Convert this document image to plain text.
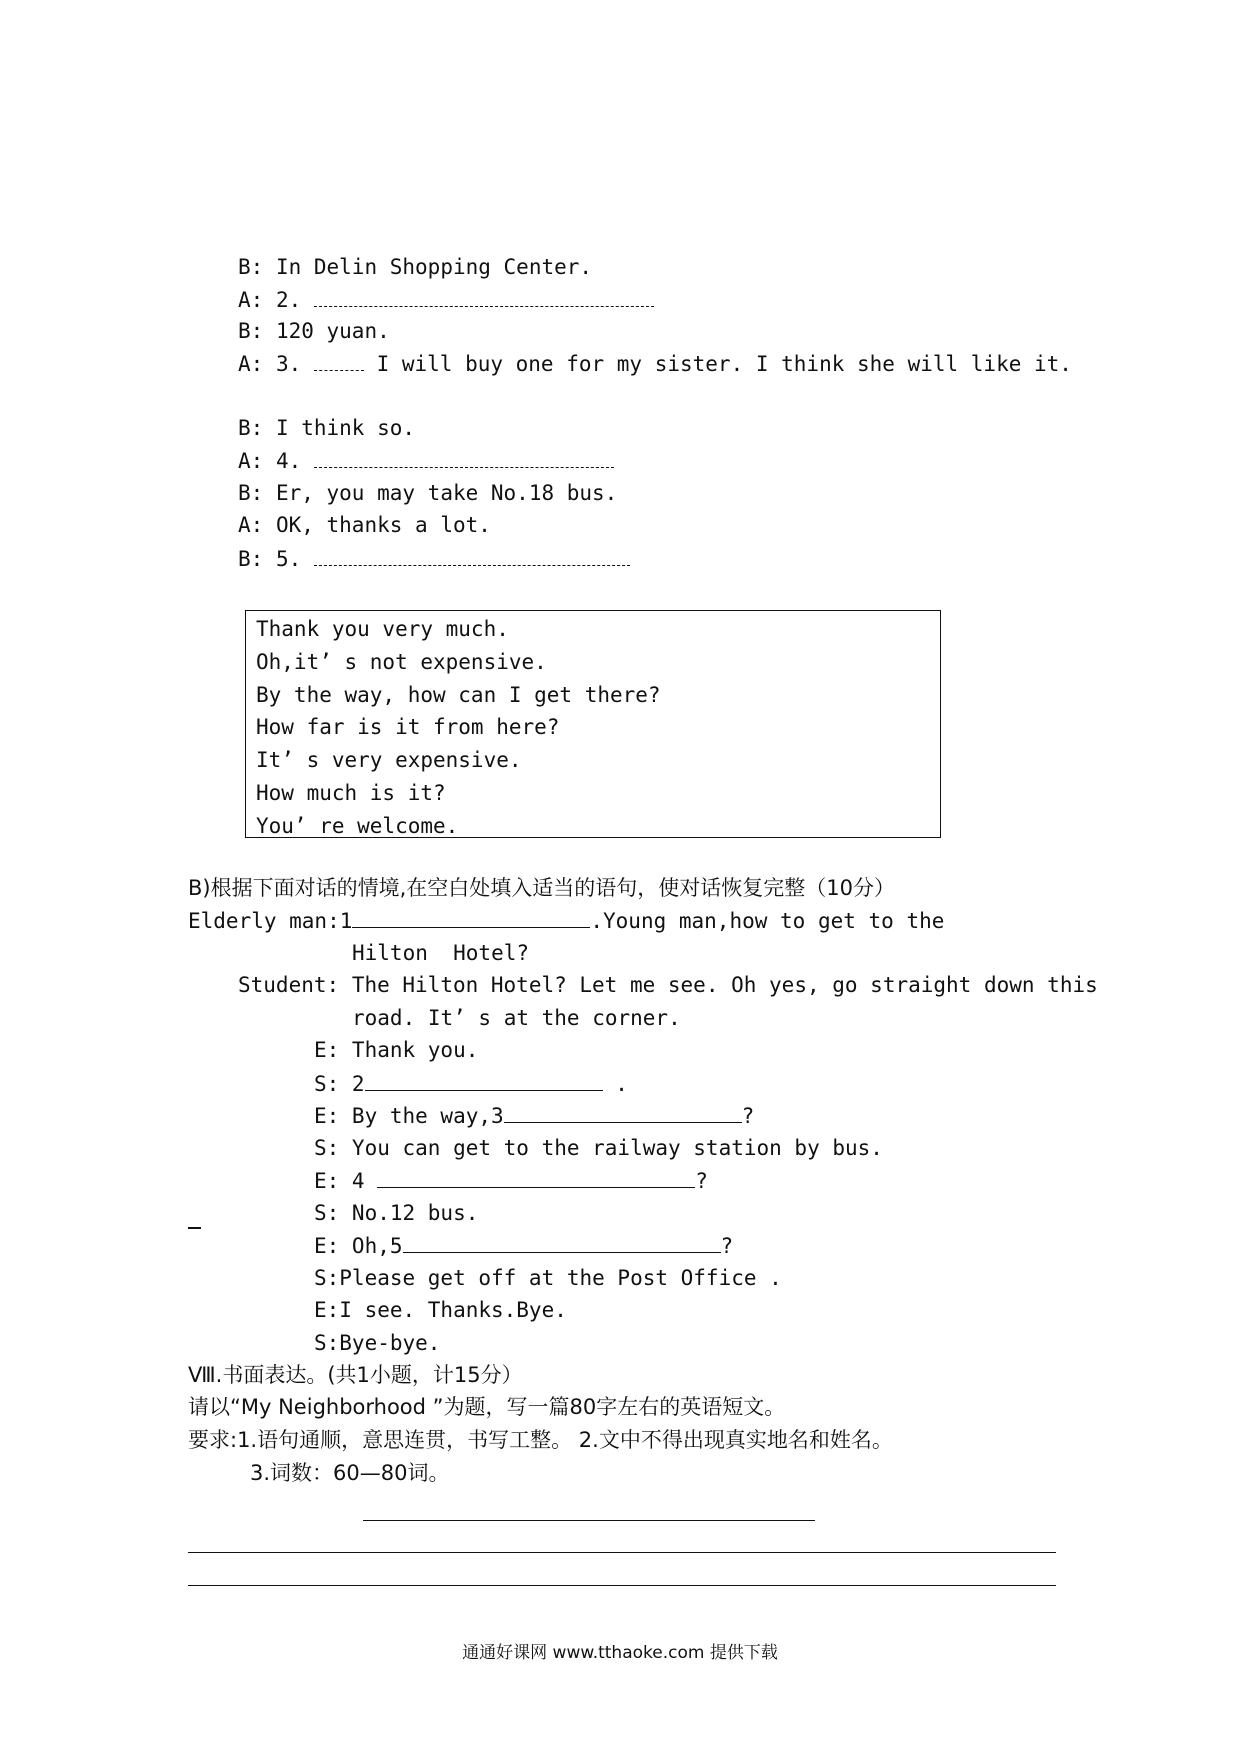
B: In Delin Shopping Center.
A: 2.
B: 120 yuan.
A: 3.	I will buy one for my sister. I think she will like it.
B: I think so.
A: 4.
B: Er, you may take No.18 bus.
A: OK, thanks a lot.
B: 5.
Thank you very much.
Oh,it’ s not expensive.
By the way, how can I get there?
How far is it from here?
It’ s very expensive.
How much is it?
You’ re welcome.
B)根据下面对话的情境,在空白处填入适当的语句，使对话恢复完整（10分）
Elderly man:1	.Young man,how to get to the
Hilton  Hotel?
Student: The Hilton Hotel? Let me see. Oh yes, go straight down this
road. It’ s at the corner.
E: Thank you.
S: 2	.
E: By the way,3	?
S: You can get to the railway station by bus.
E: 4	?
S: No.12 bus.
E: Oh,5	?
S:Please get off at the Post Office .
E:I see. Thanks.Bye.
S:Bye-bye.
Ⅷ.书面表达。(共1小题，计15分）
请以“My Neighborhood ”为题，写一篇80字左右的英语短文。
要求:1.语句通顺，意思连贯，书写工整。 2.文中不得出现真实地名和姓名。
3.词数：60—80词。
通通好课网 www.tthaoke.com 提供下载
